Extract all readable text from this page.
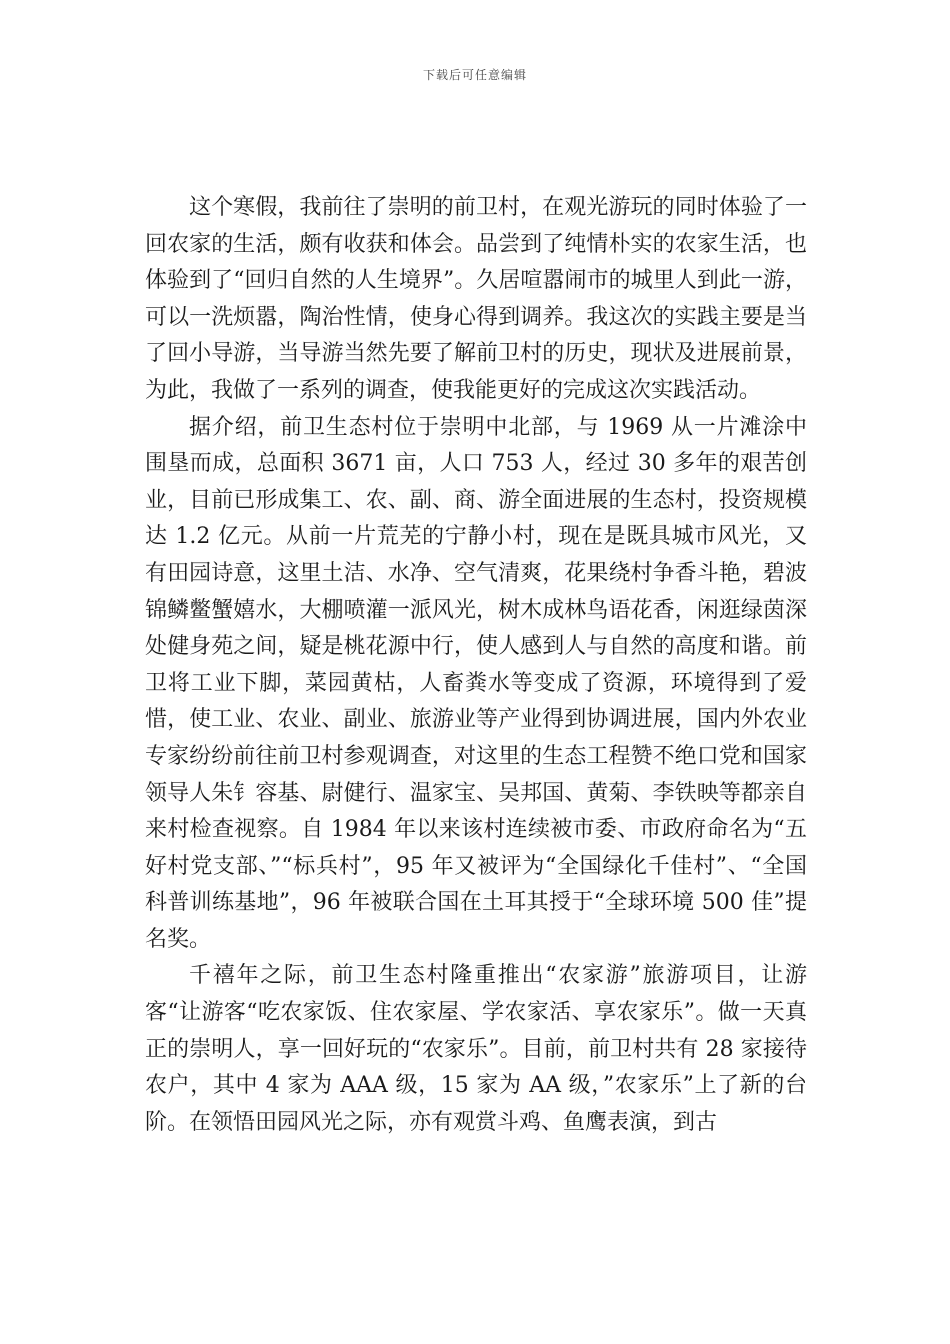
下载后可任意编辑

这个寒假，我前往了崇明的前卫村，在观光游玩的同时体验了一回农家的生活，颇有收获和体会。品尝到了纯情朴实的农家生活，也体验到了“回归自然的人生境界”。久居喧嚣闹市的城里人到此一游，可以一洗烦嚣，陶治性情，使身心得到调养。我这次的实践主要是当了回小导游，当导游当然先要了解前卫村的历史，现状及进展前景，为此，我做了一系列的调查，使我能更好的完成这次实践活动。

据介绍，前卫生态村位于崇明中北部，与 1969 从一片滩涂中围垦而成，总面积 3671 亩，人口 753 人，经过 30 多年的艰苦创业，目前已形成集工、农、副、商、游全面进展的生态村，投资规模达 1.2 亿元。从前一片荒芜的宁静小村，现在是既具城市风光，又有田园诗意，这里土洁、水净、空气清爽，花果绕村争香斗艳，碧波锦鳞鳖蟹嬉水，大棚喷灌一派风光，树木成林鸟语花香，闲逛绿茵深处健身苑之间，疑是桃花源中行，使人感到人与自然的高度和谐。前卫将工业下脚，菜园黄枯，人畜粪水等变成了资源，环境得到了爱惜，使工业、农业、副业、旅游业等产业得到协调进展，国内外农业专家纷纷前往前卫村参观调查，对这里的生态工程赞不绝口党和国家领导人朱钅容基、尉健行、温家宝、吴邦国、黄菊、李铁映等都亲自来村检查视察。自 1984 年以来该村连续被市委、市政府命名为“五好村党支部、”“标兵村”，95 年又被评为“全国绿化千佳村”、“全国科普训练基地”，96 年被联合国在土耳其授于“全球环境 500 佳”提名奖。

千禧年之际，前卫生态村隆重推出“农家游”旅游项目，让游客“让游客“吃农家饭、住农家屋、学农家活、享农家乐”。做一天真正的崇明人，享一回好玩的“农家乐”。目前，前卫村共有 28 家接待农户，其中 4 家为 AAA 级，15 家为 AA 级，”农家乐”上了新的台阶。在领悟田园风光之际，亦有观赏斗鸡、鱼鹰表演，到古
